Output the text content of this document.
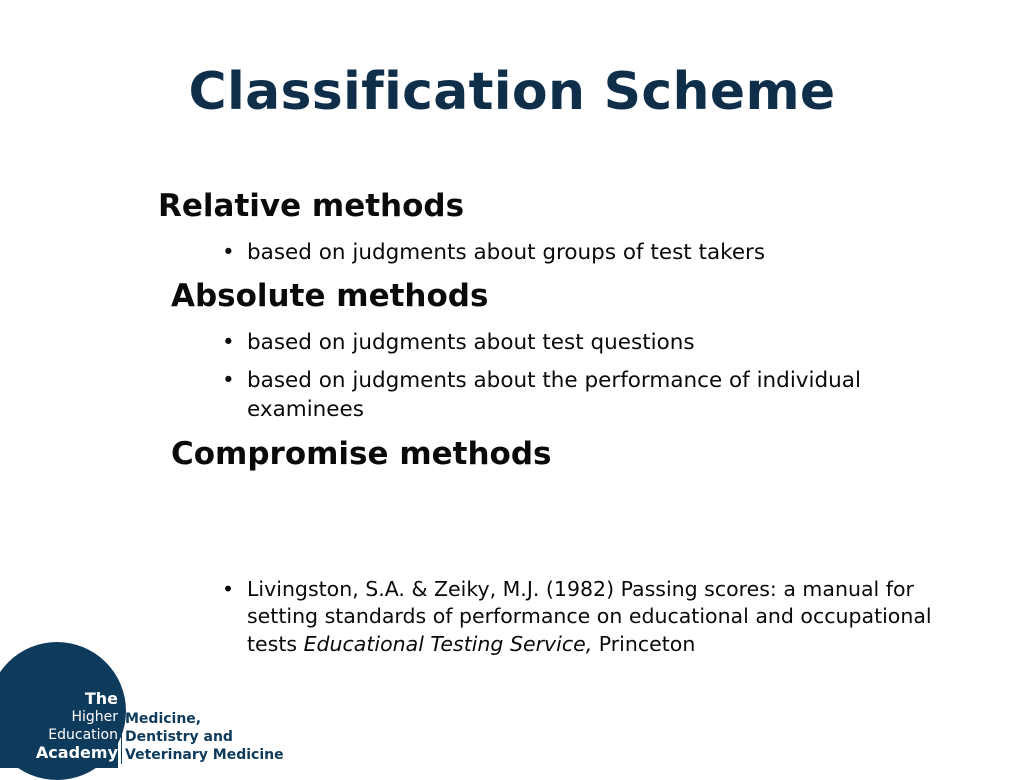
Classification Scheme
Relative methods
• based on judgments about groups of test takers
Absolute methods
• based on judgments about test questions
• based on judgments about the performance of individual examinees
Compromise methods
• Livingston, S.A. & Zeiky, M.J. (1982) Passing scores: a manual for setting standards of performance on educational and occupational tests Educational Testing Service, Princeton
The
Higher
Education
Academy
Medicine,
Dentistry and
Veterinary Medicine
